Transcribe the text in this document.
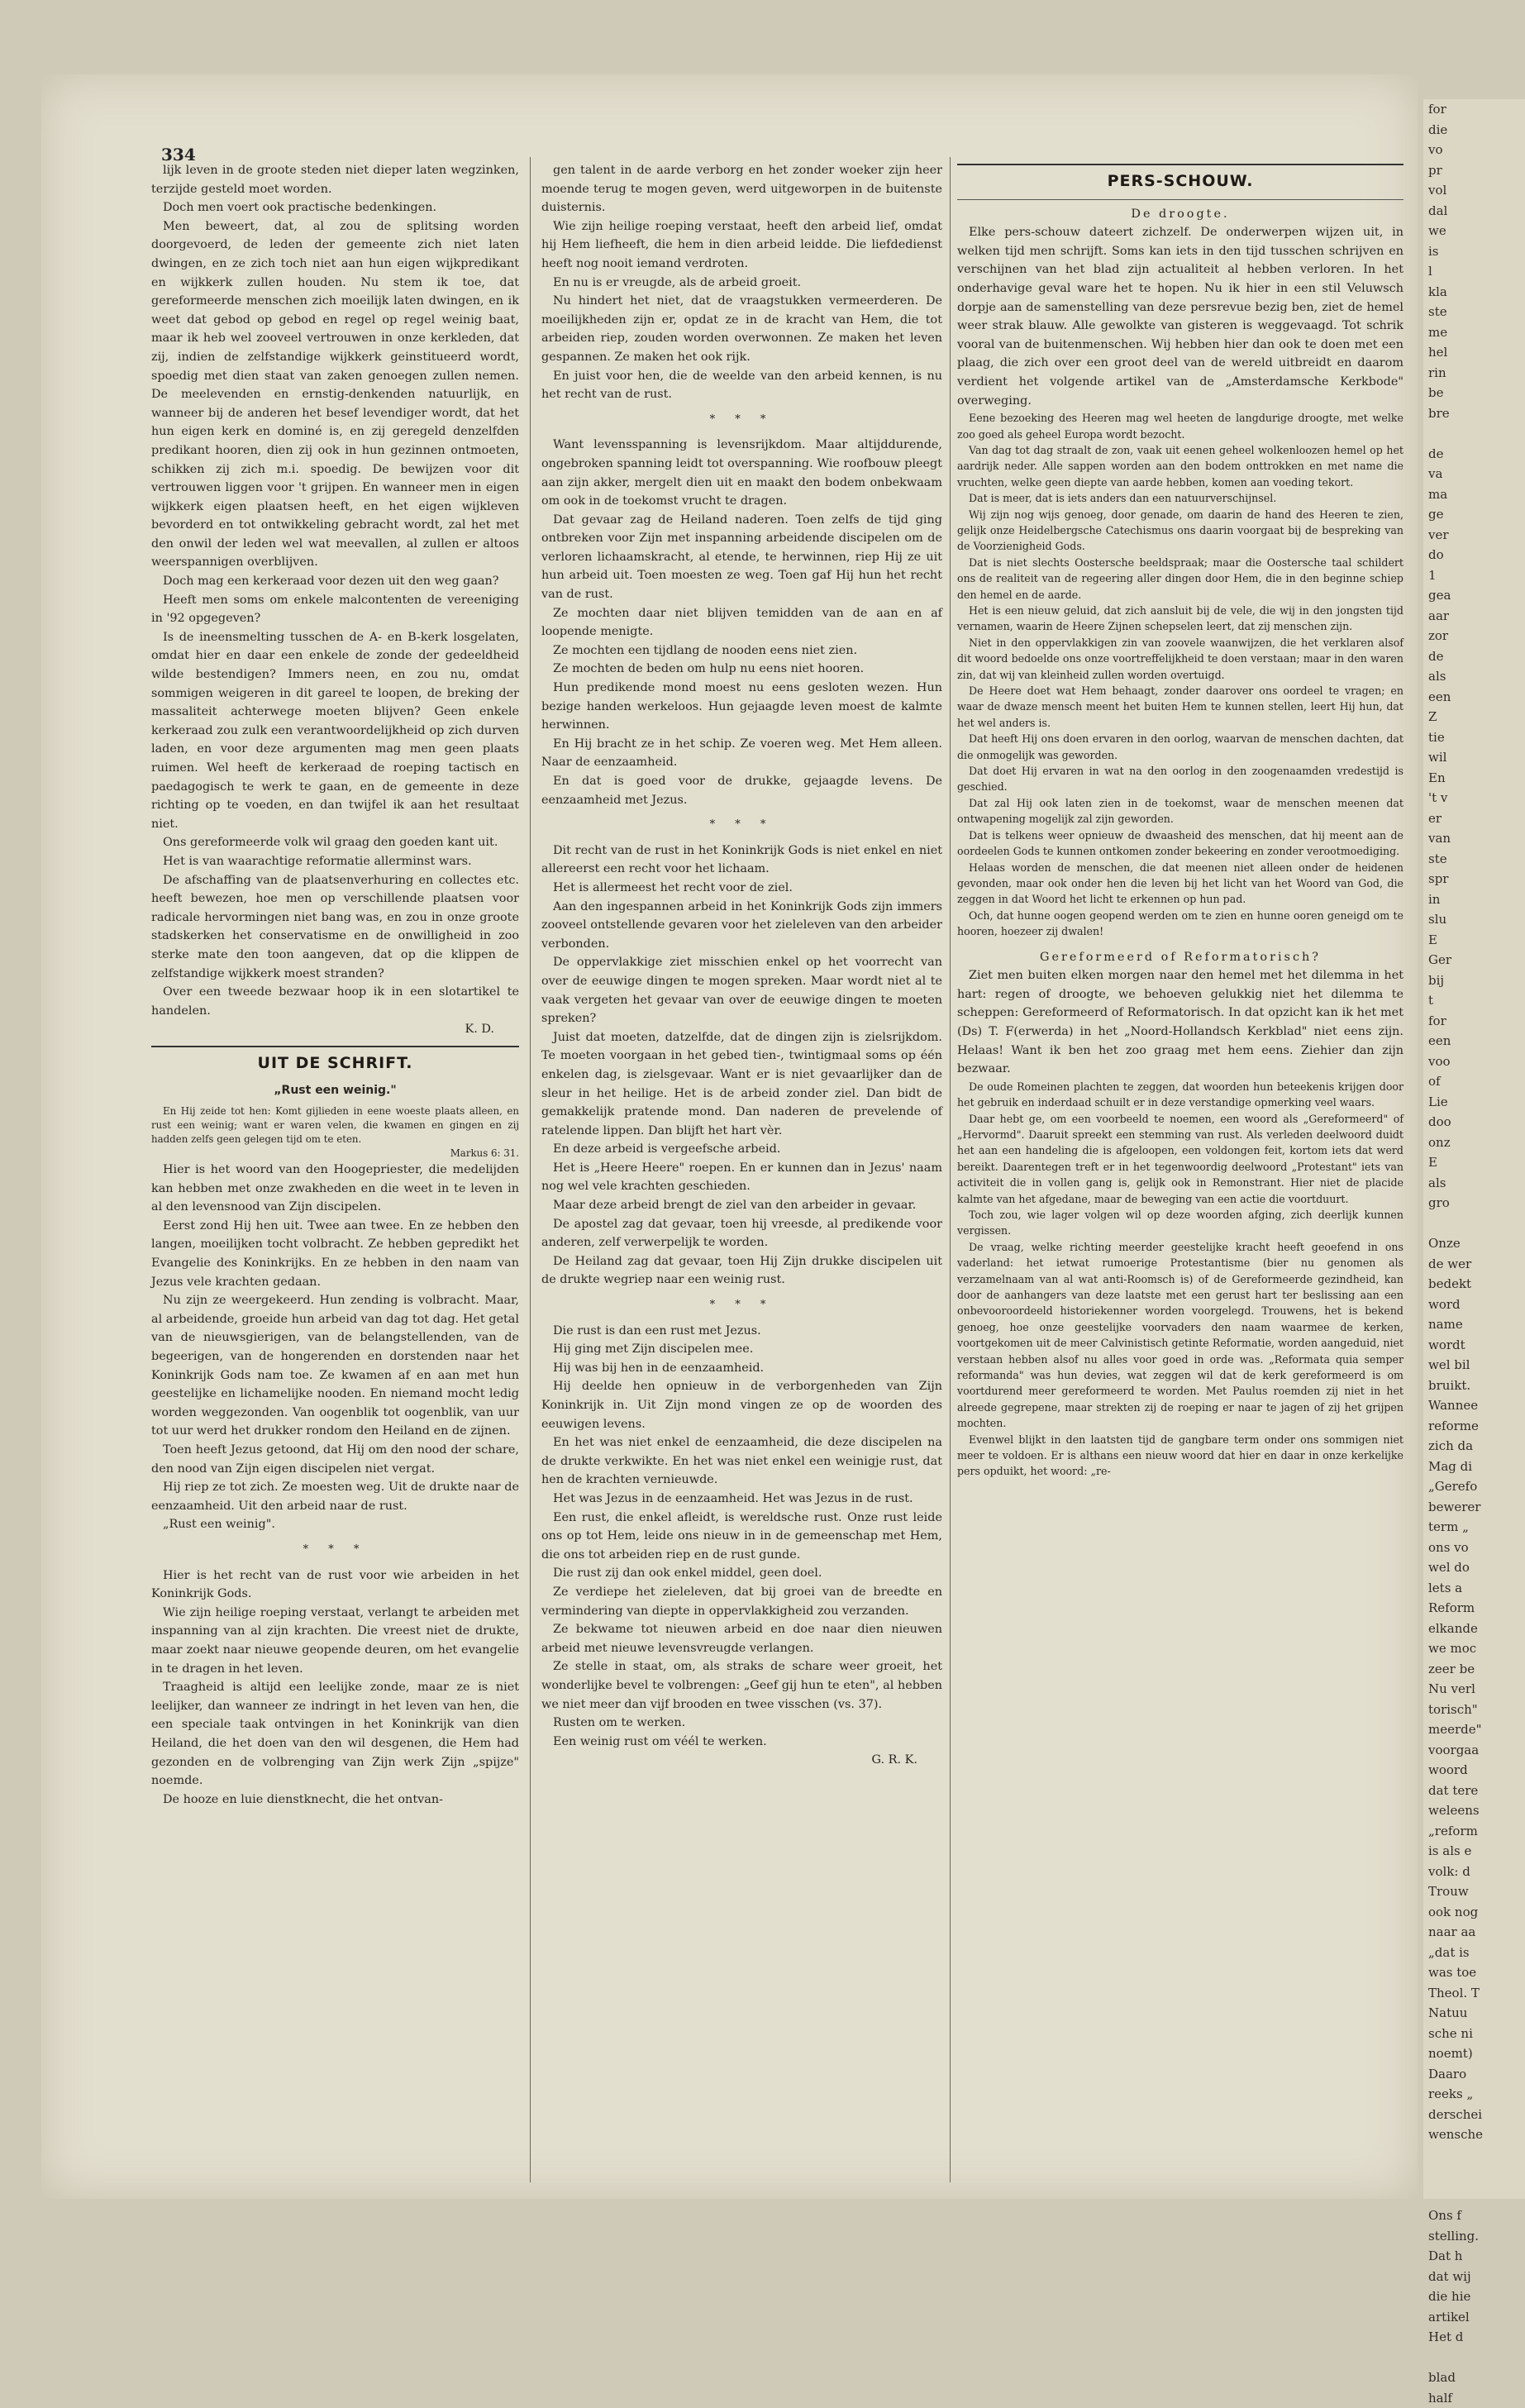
334

lijk leven in de groote steden niet dieper laten wegzinken, terzijde gesteld moet worden.

Doch men voert ook practische bedenkingen.

Men beweert, dat, al zou de splitsing worden doorgevoerd, de leden der gemeente zich niet laten dwingen, en ze zich toch niet aan hun eigen wijkpredikant en wijkkerk zullen houden. Nu stem ik toe, dat gereformeerde menschen zich moeilijk laten dwingen, en ik weet dat gebod op gebod en regel op regel weinig baat, maar ik heb wel zooveel vertrouwen in onze kerkleden, dat zij, indien de zelfstandige wijkkerk geinstitueerd wordt, spoedig met dien staat van zaken genoegen zullen nemen. De meelevenden en ernstig-denkenden natuurlijk, en wanneer bij de anderen het besef levendiger wordt, dat het hun eigen kerk en dominé is, en zij geregeld denzelfden predikant hooren, dien zij ook in hun gezinnen ontmoeten, schikken zij zich m.i. spoedig. De bewijzen voor dit vertrouwen liggen voor 't grijpen. En wanneer men in eigen wijkkerk eigen plaatsen heeft, en het eigen wijkleven bevorderd en tot ontwikkeling gebracht wordt, zal het met den onwil der leden wel wat meevallen, al zullen er altoos weerspannigen overblijven.

Doch mag een kerkeraad voor dezen uit den weg gaan?

Heeft men soms om enkele malcontenten de vereeniging in '92 opgegeven?

Is de ineensmelting tusschen de A- en B-kerk losgelaten, omdat hier en daar een enkele de zonde der gedeeldheid wilde bestendigen? Immers neen, en zou nu, omdat sommigen weigeren in dit gareel te loopen, de breking der massaliteit achterwege moeten blijven? Geen enkele kerkeraad zou zulk een verantwoordelijkheid op zich durven laden, en voor deze argumenten mag men geen plaats ruimen. Wel heeft de kerkeraad de roeping tactisch en paedagogisch te werk te gaan, en de gemeente in deze richting op te voeden, en dan twijfel ik aan het resultaat niet.

Ons gereformeerde volk wil graag den goeden kant uit.

Het is van waarachtige reformatie allerminst wars.

De afschaffing van de plaatsenverhuring en collectes etc. heeft bewezen, hoe men op verschillende plaatsen voor radicale hervormingen niet bang was, en zou in onze groote stadskerken het conservatisme en de onwilligheid in zoo sterke mate den toon aangeven, dat op die klippen de zelfstandige wijkkerk moest stranden?

Over een tweede bezwaar hoop ik in een slotartikel te handelen.

K. D.

UIT DE SCHRIFT.
„Rust een weinig."

En Hij zeide tot hen: Komt gijlieden in eene woeste plaats alleen, en rust een weinig; want er waren velen, die kwamen en gingen en zij hadden zelfs geen gelegen tijd om te eten.

Markus 6: 31.

Hier is het woord van den Hoogepriester, die medelijden kan hebben met onze zwakheden en die weet in te leven in al den levensnood van Zijn discipelen.

Eerst zond Hij hen uit. Twee aan twee. En ze hebben den langen, moeilijken tocht volbracht. Ze hebben gepredikt het Evangelie des Koninkrijks. En ze hebben in den naam van Jezus vele krachten gedaan.

Nu zijn ze weergekeerd. Hun zending is volbracht. Maar, al arbeidende, groeide hun arbeid van dag tot dag. Het getal van de nieuwsgierigen, van de belangstellenden, van de begeerigen, van de hongerenden en dorstenden naar het Koninkrijk Gods nam toe. Ze kwamen af en aan met hun geestelijke en lichamelijke nooden. En niemand mocht ledig worden weggezonden. Van oogenblik tot oogenblik, van uur tot uur werd het drukker rondom den Heiland en de zijnen.

Toen heeft Jezus getoond, dat Hij om den nood der schare, den nood van Zijn eigen discipelen niet vergat.

Hij riep ze tot zich. Ze moesten weg. Uit de drukte naar de eenzaamheid. Uit den arbeid naar de rust.

„Rust een weinig".

* * *

Hier is het recht van de rust voor wie arbeiden in het Koninkrijk Gods.

Wie zijn heilige roeping verstaat, verlangt te arbeiden met inspanning van al zijn krachten. Die vreest niet de drukte, maar zoekt naar nieuwe geopende deuren, om het evangelie in te dragen in het leven.

Traagheid is altijd een leelijke zonde, maar ze is niet leelijker, dan wanneer ze indringt in het leven van hen, die een speciale taak ontvingen in het Koninkrijk van dien Heiland, die het doen van den wil desgenen, die Hem had gezonden en de volbrenging van Zijn werk Zijn „spijze" noemde.

De hooze en luie dienstknecht, die het ontvan-

gen talent in de aarde verborg en het zonder woeker zijn heer moende terug te mogen geven, werd uitgeworpen in de buitenste duisternis.

Wie zijn heilige roeping verstaat, heeft den arbeid lief, omdat hij Hem liefheeft, die hem in dien arbeid leidde. Die liefdedienst heeft nog nooit iemand verdroten.

En nu is er vreugde, als de arbeid groeit.

Nu hindert het niet, dat de vraagstukken vermeerderen. De moeilijkheden zijn er, opdat ze in de kracht van Hem, die tot arbeiden riep, zouden worden overwonnen. Ze maken het leven gespannen. Ze maken het ook rijk.

En juist voor hen, die de weelde van den arbeid kennen, is nu het recht van de rust.

* * *

Want levensspanning is levensrijkdom. Maar altijddurende, ongebroken spanning leidt tot overspanning. Wie roofbouw pleegt aan zijn akker, mergelt dien uit en maakt den bodem onbekwaam om ook in de toekomst vrucht te dragen.

Dat gevaar zag de Heiland naderen. Toen zelfs de tijd ging ontbreken voor Zijn met inspanning arbeidende discipelen om de verloren lichaamskracht, al etende, te herwinnen, riep Hij ze uit hun arbeid uit. Toen moesten ze weg. Toen gaf Hij hun het recht van de rust.

Ze mochten daar niet blijven temidden van de aan en af loopende menigte.

Ze mochten een tijdlang de nooden eens niet zien.

Ze mochten de beden om hulp nu eens niet hooren.

Hun predikende mond moest nu eens gesloten wezen. Hun bezige handen werkeloos. Hun gejaagde leven moest de kalmte herwinnen.

En Hij bracht ze in het schip. Ze voeren weg. Met Hem alleen. Naar de eenzaamheid.

En dat is goed voor de drukke, gejaagde levens. De eenzaamheid met Jezus.

* * *

Dit recht van de rust in het Koninkrijk Gods is niet enkel en niet allereerst een recht voor het lichaam.

Het is allermeest het recht voor de ziel.

Aan den ingespannen arbeid in het Koninkrijk Gods zijn immers zooveel ontstellende gevaren voor het zieleleven van den arbeider verbonden.

De oppervlakkige ziet misschien enkel op het voorrecht van over de eeuwige dingen te mogen spreken. Maar wordt niet al te vaak vergeten het gevaar van over de eeuwige dingen te moeten spreken?

Juist dat moeten, datzelfde, dat de dingen zijn is zielsrijkdom. Te moeten voorgaan in het gebed tien-, twintigmaal soms op één enkelen dag, is zielsgevaar. Want er is niet gevaarlijker dan de sleur in het heilige. Het is de arbeid zonder ziel. Dan bidt de gemakkelijk pratende mond. Dan naderen de prevelende of ratelende lippen. Dan blijft het hart vèr.

En deze arbeid is vergeefsche arbeid.

Het is „Heere Heere" roepen. En er kunnen dan in Jezus' naam nog wel vele krachten geschieden.

Maar deze arbeid brengt de ziel van den arbeider in gevaar.

De apostel zag dat gevaar, toen hij vreesde, al predikende voor anderen, zelf verwerpelijk te worden.

De Heiland zag dat gevaar, toen Hij Zijn drukke discipelen uit de drukte wegriep naar een weinig rust.

* * *

Die rust is dan een rust met Jezus.

Hij ging met Zijn discipelen mee.

Hij was bij hen in de eenzaamheid.

Hij deelde hen opnieuw in de verborgenheden van Zijn Koninkrijk in. Uit Zijn mond vingen ze op de woorden des eeuwigen levens.

En het was niet enkel de eenzaamheid, die deze discipelen na de drukte verkwikte. En het was niet enkel een weinigje rust, dat hen de krachten vernieuwde.

Het was Jezus in de eenzaamheid. Het was Jezus in de rust.

Een rust, die enkel afleidt, is wereldsche rust. Onze rust leide ons op tot Hem, leide ons nieuw in in de gemeenschap met Hem, die ons tot arbeiden riep en de rust gunde.

Die rust zij dan ook enkel middel, geen doel.

Ze verdiepe het zieleleven, dat bij groei van de breedte en vermindering van diepte in oppervlakkigheid zou verzanden.

Ze bekwame tot nieuwen arbeid en doe naar dien nieuwen arbeid met nieuwe levensvreugde verlangen.

Ze stelle in staat, om, als straks de schare weer groeit, het wonderlijke bevel te volbrengen: „Geef gij hun te eten", al hebben we niet meer dan vijf brooden en twee visschen (vs. 37).

Rusten om te werken.

Een weinig rust om véél te werken.

G. R. K.

PERS-SCHOUW.

De droogte.

Elke pers-schouw dateert zichzelf. De onderwerpen wijzen uit, in welken tijd men schrijft. Soms kan iets in den tijd tusschen schrijven en verschijnen van het blad zijn actualiteit al hebben verloren. In het onderhavige geval ware het te hopen. Nu ik hier in een stil Veluwsch dorpje aan de samenstelling van deze persrevue bezig ben, ziet de hemel weer strak blauw. Alle gewolkte van gisteren is weggevaagd. Tot schrik vooral van de buitenmenschen. Wij hebben hier dan ook te doen met een plaag, die zich over een groot deel van de wereld uitbreidt en daarom verdient het volgende artikel van de „Amsterdamsche Kerkbode" overweging.

Eene bezoeking des Heeren mag wel heeten de langdurige droogte, met welke zoo goed als geheel Europa wordt bezocht.

Van dag tot dag straalt de zon, vaak uit eenen geheel wolkenloozen hemel op het aardrijk neder. Alle sappen worden aan den bodem onttrokken en met name die vruchten, welke geen diepte van aarde hebben, komen aan voeding tekort.

Dat is meer, dat is iets anders dan een natuurverschijnsel.

Wij zijn nog wijs genoeg, door genade, om daarin de hand des Heeren te zien, gelijk onze Heidelbergsche Catechismus ons daarin voorgaat bij de bespreking van de Voorzienigheid Gods.

Dat is niet slechts Oostersche beeldspraak; maar die Oostersche taal schildert ons de realiteit van de regeering aller dingen door Hem, die in den beginne schiep den hemel en de aarde.

Het is een nieuw geluid, dat zich aansluit bij de vele, die wij in den jongsten tijd vernamen, waarin de Heere Zijnen schepselen leert, dat zij menschen zijn.

Niet in den oppervlakkigen zin van zoovele waanwijzen, die het verklaren alsof dit woord bedoelde ons onze voortreffelijkheid te doen verstaan; maar in den waren zin, dat wij van kleinheid zullen worden overtuigd.

De Heere doet wat Hem behaagt, zonder daarover ons oordeel te vragen; en waar de dwaze mensch meent het buiten Hem te kunnen stellen, leert Hij hun, dat het wel anders is.

Dat heeft Hij ons doen ervaren in den oorlog, waarvan de menschen dachten, dat die onmogelijk was geworden.

Dat doet Hij ervaren in wat na den oorlog in den zoogenaamden vredestijd is geschied.

Dat zal Hij ook laten zien in de toekomst, waar de menschen meenen dat ontwapening mogelijk zal zijn geworden.

Dat is telkens weer opnieuw de dwaasheid des menschen, dat hij meent aan de oordeelen Gods te kunnen ontkomen zonder bekeering en zonder verootmoediging.

Helaas worden de menschen, die dat meenen niet alleen onder de heidenen gevonden, maar ook onder hen die leven bij het licht van het Woord van God, die zeggen in dat Woord het licht te erkennen op hun pad.

Och, dat hunne oogen geopend werden om te zien en hunne ooren geneigd om te hooren, hoezeer zij dwalen!

Gereformeerd of Reformatorisch?

Ziet men buiten elken morgen naar den hemel met het dilemma in het hart: regen of droogte, we behoeven gelukkig niet het dilemma te scheppen: Gereformeerd of Reformatorisch. In dat opzicht kan ik het met (Ds) T. F(erwerda) in het „Noord-Hollandsch Kerkblad" niet eens zijn. Helaas! Want ik ben het zoo graag met hem eens. Ziehier dan zijn bezwaar.

De oude Romeinen plachten te zeggen, dat woorden hun beteekenis krijgen door het gebruik en inderdaad schuilt er in deze verstandige opmerking veel waars.

Daar hebt ge, om een voorbeeld te noemen, een woord als „Gereformeerd" of „Hervormd". Daaruit spreekt een stemming van rust. Als verleden deelwoord duidt het aan een handeling die is afgeloopen, een voldongen feit, kortom iets dat werd bereikt. Daarentegen treft er in het tegenwoordig deelwoord „Protestant" iets van activiteit die in vollen gang is, gelijk ook in Remonstrant. Hier niet de placide kalmte van het afgedane, maar de beweging van een actie die voortduurt.

Toch zou, wie lager volgen wil op deze woorden afging, zich deerlijk kunnen vergissen.

De vraag, welke richting meerder geestelijke kracht heeft geoefend in ons vaderland: het ietwat rumoerige Protestantisme (bier nu genomen als verzamelnaam van al wat anti-Roomsch is) of de Gereformeerde gezindheid, kan door de aanhangers van deze laatste met een gerust hart ter beslissing aan een onbevooroordeeld historiekenner worden voorgelegd. Trouwens, het is bekend genoeg, hoe onze geestelijke voorvaders den naam waarmee de kerken, voortgekomen uit de meer Calvinistisch getinte Reformatie, worden aangeduid, niet verstaan hebben alsof nu alles voor goed in orde was. „Reformata quia semper reformanda" was hun devies, wat zeggen wil dat de kerk gereformeerd is om voortdurend meer gereformeerd te worden. Met Paulus roemden zij niet in het alreede gegrepene, maar strekten zij de roeping er naar te jagen of zij het grijpen mochten.

Evenwel blijkt in den laatsten tijd de gangbare term onder ons sommigen niet meer te voldoen. Er is althans een nieuw woord dat hier en daar in onze kerkelijke pers opduikt, het woord: „re-

for
die
vo
pr
vol
dal
we
is
l
kla
ste
me
hel
rin
be
bre

de
va
ma
ge
ver
do
1
gea
aar
zor
de
als
een
Z
tie
wil
En
't v
er
van
ste
spr
in
slu
E
Ger
bij
t
for
een
voo
of
Lie
doo
onz
E
als
gro

Onze
de wer
bedekt
word
name
wordt
wel bil
bruikt.
Wannee
reforme
zich da
Mag di
„Gerefo
bewerer
term „
ons vo
wel do
lets a
Reform
elkande
we moc
zeer be
Nu verl
torisch"
meerde"
voorgaa
woord
dat tere
weleens
„reform
is als e
volk: d
Trouw
ook nog
naar aa
„dat is
was toe
Theol. T
Natuu
sche ni
noemt)
Daaro
reeks „
derschei
wensche

Ons f
stelling.
Dat h
dat wij
die hie
artikel
Het d

blad
half
